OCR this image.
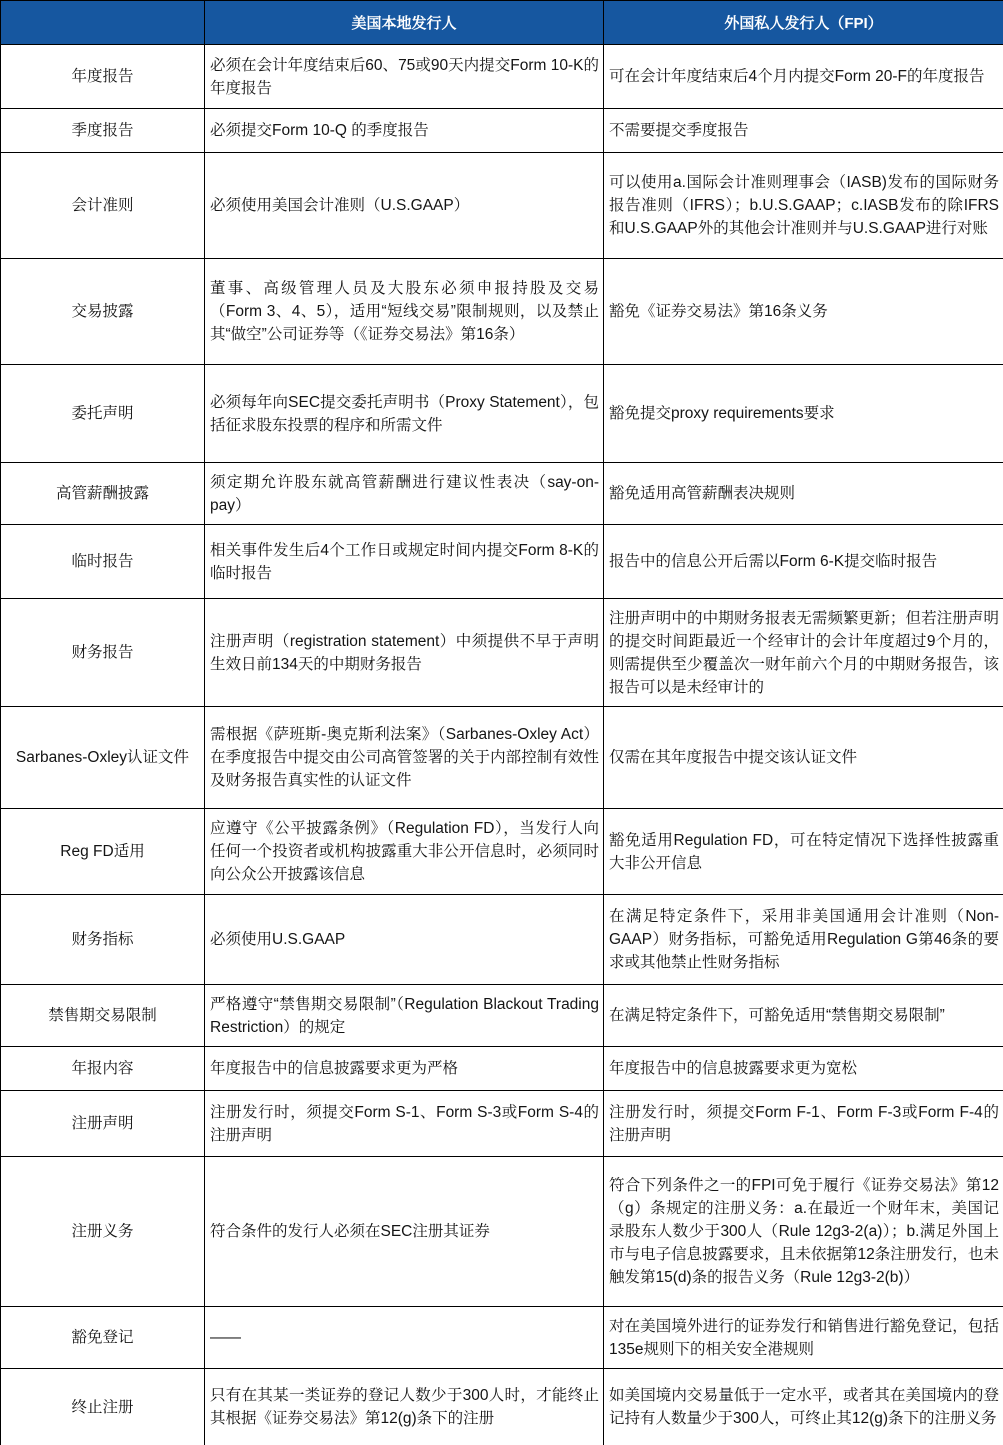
	美国本地发行人	外国私人发行人（FPI）
年度报告	必须在会计年度结束后60、75或90天内提交Form 10-K的年度报告	可在会计年度结束后4个月内提交Form 20-F的年度报告
季度报告	必须提交Form 10-Q 的季度报告	不需要提交季度报告
会计准则	必须使用美国会计准则（U.S.GAAP）	可以使用a.国际会计准则理事会（IASB)发布的国际财务报告准则（IFRS）；b.U.S.GAAP；c.IASB发布的除IFRS和U.S.GAAP外的其他会计准则并与U.S.GAAP进行对账
交易披露	董事、高级管理人员及大股东必须申报持股及交易（Form 3、4、5），适用“短线交易”限制规则，以及禁止其“做空”公司证券等（《证券交易法》第16条）	豁免《证券交易法》第16条义务
委托声明	必须每年向SEC提交委托声明书（Proxy Statement），包括征求股东投票的程序和所需文件	豁免提交proxy requirements要求
高管薪酬披露	须定期允许股东就高管薪酬进行建议性表决（say-on-pay）	豁免适用高管薪酬表决规则
临时报告	相关事件发生后4个工作日或规定时间内提交Form 8-K的临时报告	报告中的信息公开后需以Form 6-K提交临时报告
财务报告	注册声明（registration statement）中须提供不早于声明生效日前134天的中期财务报告	注册声明中的中期财务报表无需频繁更新；但若注册声明的提交时间距最近一个经审计的会计年度超过9个月的，则需提供至少覆盖次一财年前六个月的中期财务报告，该报告可以是未经审计的
Sarbanes-Oxley认证文件	需根据《萨班斯-奥克斯利法案》（Sarbanes-Oxley Act）在季度报告中提交由公司高管签署的关于内部控制有效性及财务报告真实性的认证文件	仅需在其年度报告中提交该认证文件
Reg FD适用	应遵守《公平披露条例》（Regulation FD），当发行人向任何一个投资者或机构披露重大非公开信息时，必须同时向公众公开披露该信息	豁免适用Regulation FD，可在特定情况下选择性披露重大非公开信息
财务指标	必须使用U.S.GAAP	在满足特定条件下，采用非美国通用会计准则（Non-GAAP）财务指标，可豁免适用Regulation G第46条的要求或其他禁止性财务指标
禁售期交易限制	严格遵守“禁售期交易限制”（Regulation Blackout Trading Restriction）的规定	在满足特定条件下，可豁免适用“禁售期交易限制”
年报内容	年度报告中的信息披露要求更为严格	年度报告中的信息披露要求更为宽松
注册声明	注册发行时，须提交Form S-1、Form S-3或Form S-4的注册声明	注册发行时，须提交Form F-1、Form F-3或Form F-4的注册声明
注册义务	符合条件的发行人必须在SEC注册其证券	符合下列条件之一的FPI可免于履行《证券交易法》第12（g）条规定的注册义务：a.在最近一个财年末，美国记录股东人数少于300人（Rule 12g3-2(a)）；b.满足外国上市与电子信息披露要求，且未依据第12条注册发行，也未触发第15(d)条的报告义务（Rule 12g3-2(b)）
豁免登记	——	对在美国境外进行的证券发行和销售进行豁免登记，包括135e规则下的相关安全港规则
终止注册	只有在其某一类证券的登记人数少于300人时，才能终止其根据《证券交易法》第12(g)条下的注册	如美国境内交易量低于一定水平，或者其在美国境内的登记持有人数量少于300人，可终止其12(g)条下的注册义务
